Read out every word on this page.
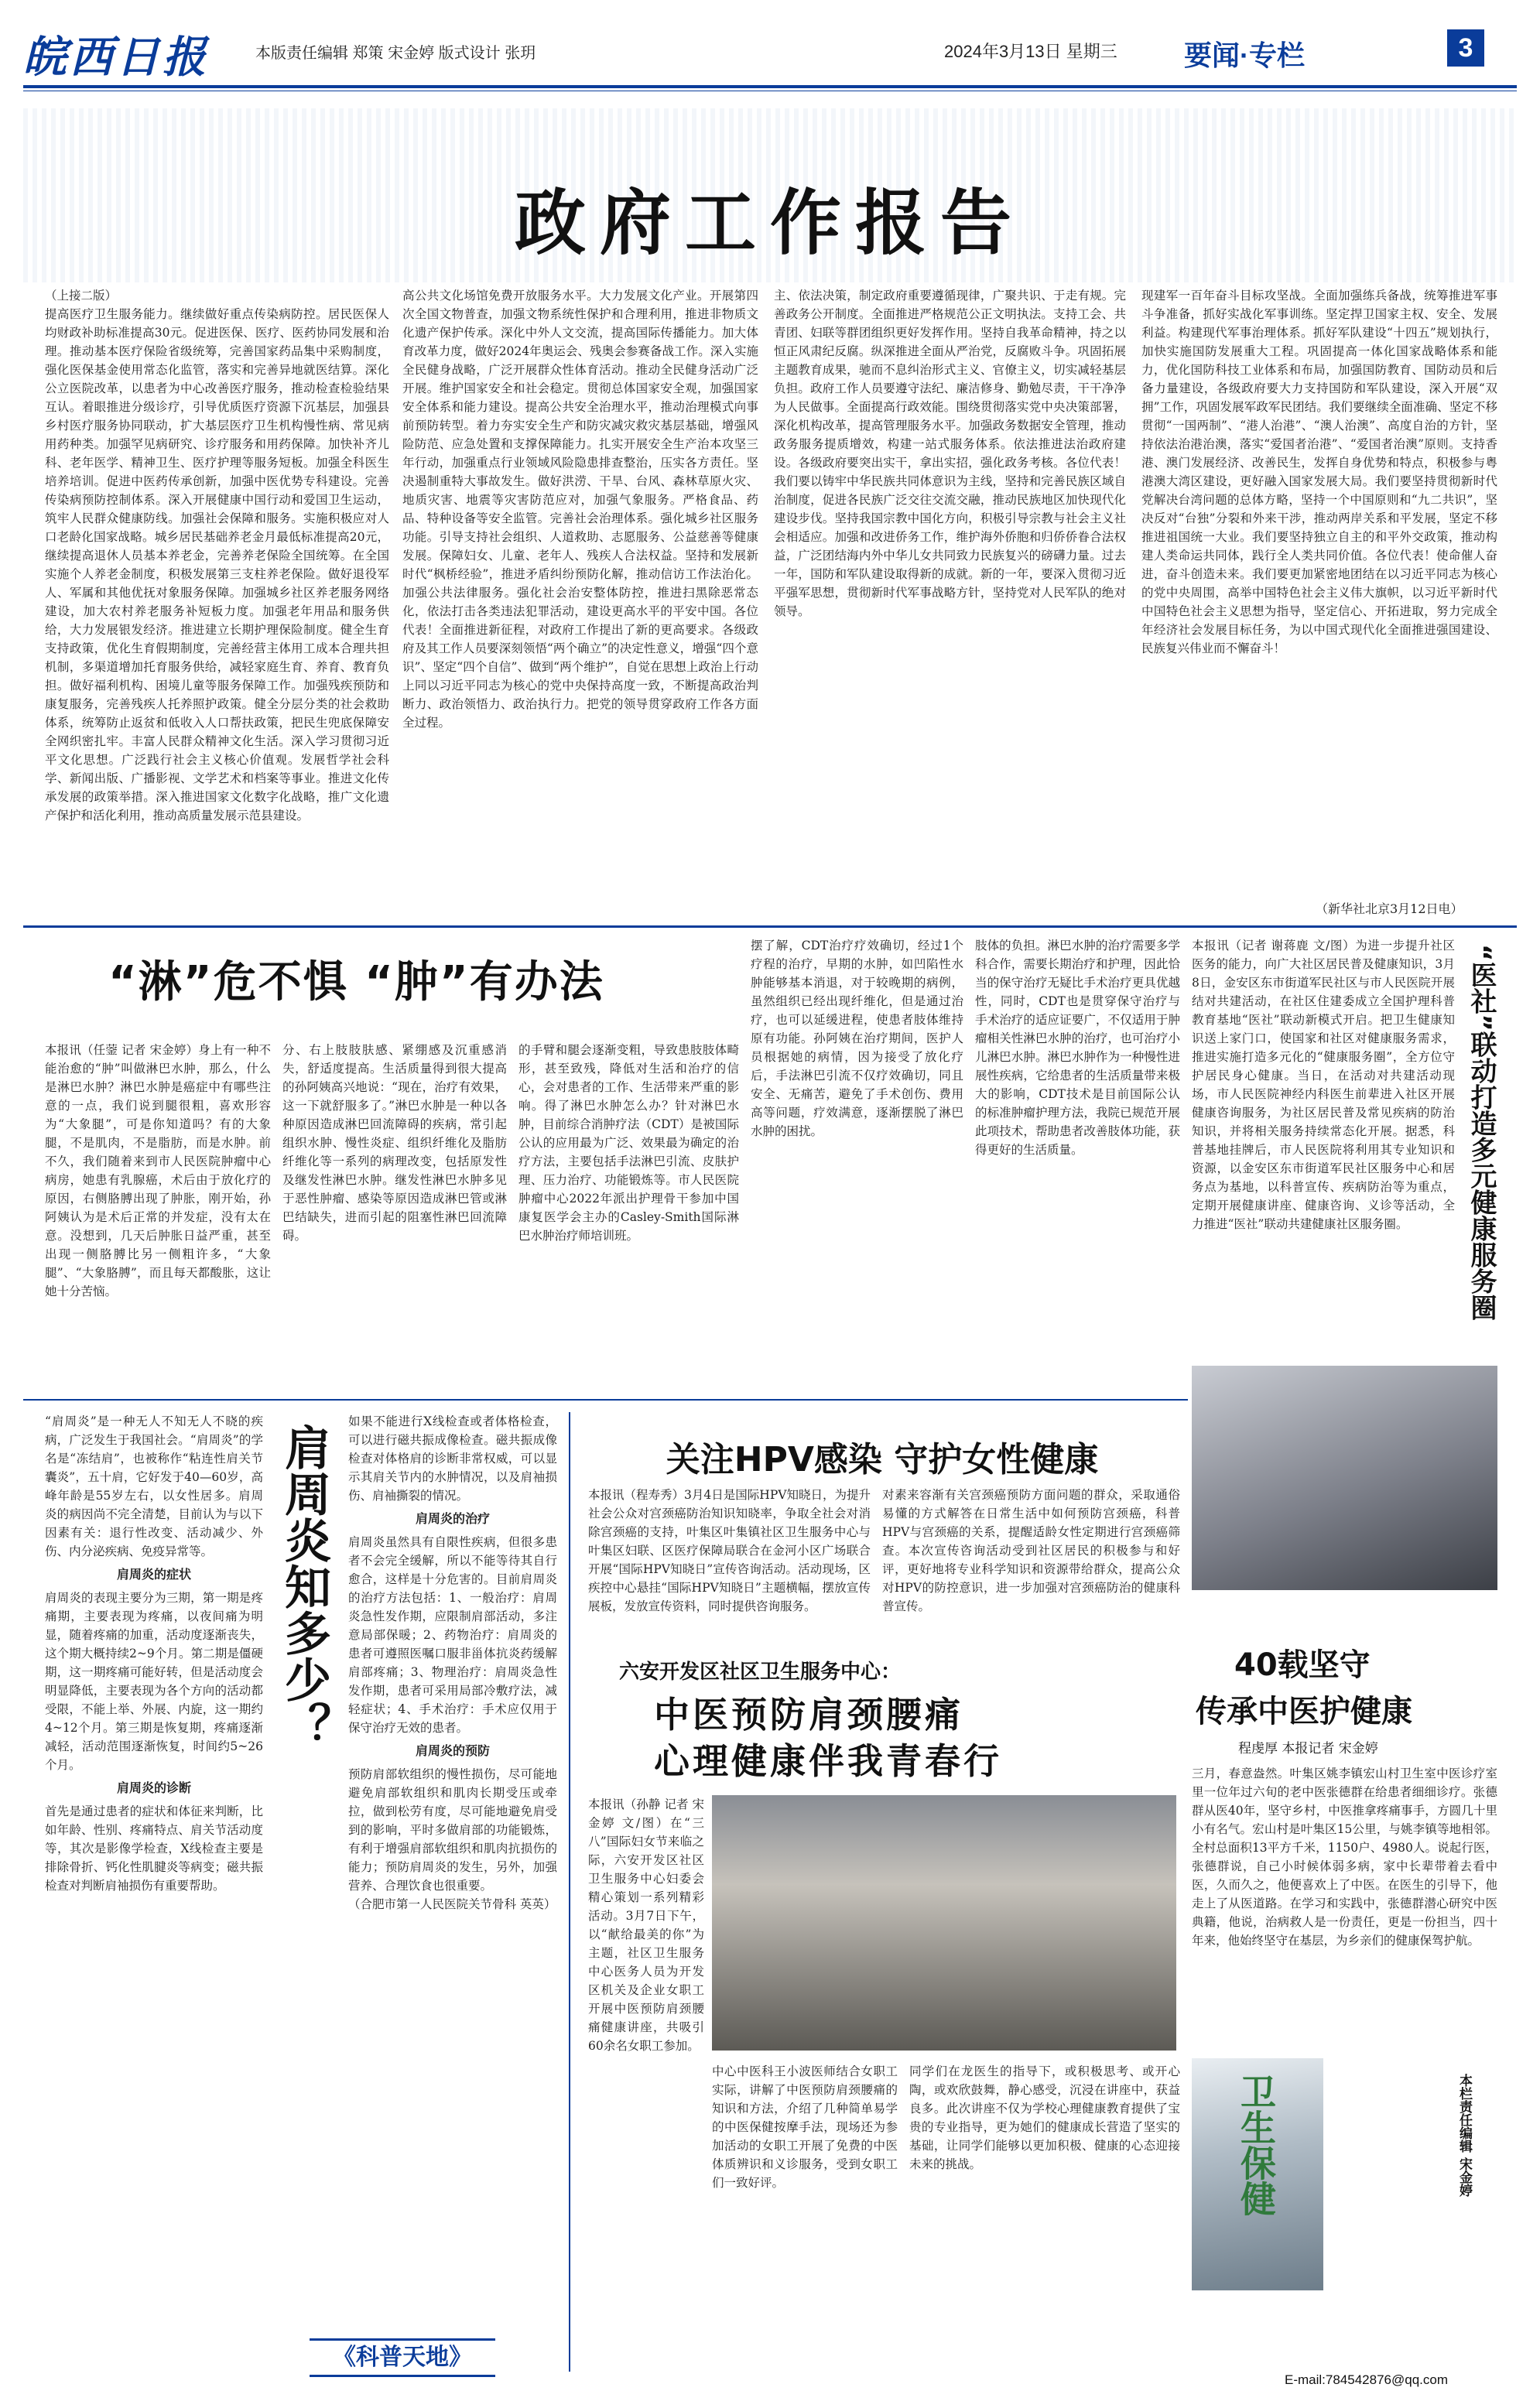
皖西日报	本版责任编辑 郑策 宋金婷 版式设计 张玥	2024年3月13日 星期三 要闻·专栏	3
政府工作报告
（上接二版）
提高医疗卫生服务能力。继续做好重点传染病防控。居民医保人均财政补助标准提高30元。促进医保、医疗、医药协同发展和治理。推动基本医疗保险省级统筹，完善国家药品集中采购制度，强化医保基金使用常态化监管，落实和完善异地就医结算。深化公立医院改革，以患者为中心改善医疗服务，推动检查检验结果互认。着眼推进分级诊疗，引导优质医疗资源下沉基层，加强县乡村医疗服务协同联动，扩大基层医疗卫生机构慢性病、常见病用药种类。加强罕见病研究、诊疗服务和用药保障。加快补齐儿科、老年医学、精神卫生、医疗护理等服务短板。加强全科医生培养培训。促进中医药传承创新，加强中医优势专科建设。完善传染病预防控制体系。深入开展健康中国行动和爱国卫生运动，筑牢人民群众健康防线。加强社会保障和服务。实施积极应对人口老龄化国家战略。城乡居民基础养老金月最低标准提高20元，继续提高退休人员基本养老金，完善养老保险全国统筹。在全国实施个人养老金制度，积极发展第三支柱养老保险。做好退役军人、军属和其他优抚对象服务保障。加强城乡社区养老服务网络建设，加大农村养老服务补短板力度。加强老年用品和服务供给，大力发展银发经济。推进建立长期护理保险制度。健全生育支持政策，优化生育假期制度，完善经营主体用工成本合理共担机制，多渠道增加托育服务供给，减轻家庭生育、养育、教育负担。做好福利机构、困境儿童等服务保障工作。加强残疾预防和康复服务，完善残疾人托养照护政策。健全分层分类的社会救助体系，统筹防止返贫和低收入人口帮扶政策，把民生兜底保障安全网织密扎牢。丰富人民群众精神文化生活。深入学习贯彻习近平文化思想。广泛践行社会主义核心价值观。发展哲学社会科学、新闻出版、广播影视、文学艺术和档案等事业。推进文化传承发展的政策举措。深入推进国家文化数字化战略，推广文化遗产保护和活化利用，推动高质量发展示范县建设。
高公共文化场馆免费开放服务水平。大力发展文化产业。开展第四次全国文物普查，加强文物系统性保护和合理利用，推进非物质文化遗产保护传承。深化中外人文交流，提高国际传播能力。加大体育改革力度，做好2024年奥运会、残奥会参赛备战工作。深入实施全民健身战略，广泛开展群众性体育活动。推动全民健身活动广泛开展。维护国家安全和社会稳定。贯彻总体国家安全观，加强国家安全体系和能力建设。提高公共安全治理水平，推动治理模式向事前预防转型。着力夯实安全生产和防灾减灾救灾基层基础，增强风险防范、应急处置和支撑保障能力。扎实开展安全生产治本攻坚三年行动，加强重点行业领域风险隐患排查整治，压实各方责任。坚决遏制重特大事故发生。做好洪涝、干旱、台风、森林草原火灾、地质灾害、地震等灾害防范应对，加强气象服务。严格食品、药品、特种设备等安全监管。完善社会治理体系。强化城乡社区服务功能。引导支持社会组织、人道救助、志愿服务、公益慈善等健康发展。保障妇女、儿童、老年人、残疾人合法权益。坚持和发展新时代“枫桥经验”，推进矛盾纠纷预防化解，推动信访工作法治化。加强公共法律服务。强化社会治安整体防控，推进扫黑除恶常态化，依法打击各类违法犯罪活动，建设更高水平的平安中国。各位代表！全面推进新征程，对政府工作提出了新的更高要求。各级政府及其工作人员要深刻领悟“两个确立”的决定性意义，增强“四个意识”、坚定“四个自信”、做到“两个维护”，自觉在思想上政治上行动上同以习近平同志为核心的党中央保持高度一致，不断提高政治判断力、政治领悟力、政治执行力。把党的领导贯穿政府工作各方面全过程。
主、依法决策，制定政府重要遵循现律，广聚共识、于走有规。完善政务公开制度。全面推进严格规范公正文明执法。支持工会、共青团、妇联等群团组织更好发挥作用。坚持自我革命精神，持之以恒正风肃纪反腐。纵深推进全面从严治党，反腐败斗争。巩固拓展主题教育成果，驰而不息纠治形式主义、官僚主义，切实减轻基层负担。政府工作人员要遵守法纪、廉洁修身、勤勉尽责，干干净净为人民做事。全面提高行政效能。围绕贯彻落实党中央决策部署，深化机构改革，提高管理服务水平。加强政务数据安全管理，推动政务服务提质增效，构建一站式服务体系。依法推进法治政府建设。各级政府要突出实干，拿出实招，强化政务考核。各位代表！我们要以铸牢中华民族共同体意识为主线，坚持和完善民族区域自治制度，促进各民族广泛交往交流交融，推动民族地区加快现代化建设步伐。坚持我国宗教中国化方向，积极引导宗教与社会主义社会相适应。加强和改进侨务工作，维护海外侨胞和归侨侨眷合法权益，广泛团结海内外中华儿女共同致力民族复兴的磅礴力量。过去一年，国防和军队建设取得新的成就。新的一年，要深入贯彻习近平强军思想，贯彻新时代军事战略方针，坚持党对人民军队的绝对领导。
现建军一百年奋斗目标攻坚战。全面加强练兵备战，统筹推进军事斗争准备，抓好实战化军事训练。坚定捍卫国家主权、安全、发展利益。构建现代军事治理体系。抓好军队建设“十四五”规划执行，加快实施国防发展重大工程。巩固提高一体化国家战略体系和能力，优化国防科技工业体系和布局，加强国防教育、国防动员和后备力量建设，各级政府要大力支持国防和军队建设，深入开展“双拥”工作，巩固发展军政军民团结。我们要继续全面准确、坚定不移贯彻“一国两制”、“港人治港”、“澳人治澳”、高度自治的方针，坚持依法治港治澳，落实“爱国者治港”、“爱国者治澳”原则。支持香港、澳门发展经济、改善民生，发挥自身优势和特点，积极参与粤港澳大湾区建设，更好融入国家发展大局。我们要坚持贯彻新时代党解决台湾问题的总体方略，坚持一个中国原则和“九二共识”，坚决反对“台独”分裂和外来干涉，推动两岸关系和平发展，坚定不移推进祖国统一大业。我们要坚持独立自主的和平外交政策，推动构建人类命运共同体，践行全人类共同价值。各位代表！使命催人奋进，奋斗创造未来。我们要更加紧密地团结在以习近平同志为核心的党中央周围，高举中国特色社会主义伟大旗帜，以习近平新时代中国特色社会主义思想为指导，坚定信心、开拓进取，努力完成全年经济社会发展目标任务，为以中国式现代化全面推进强国建设、民族复兴伟业而不懈奋斗！
（新华社北京3月12日电）
“淋”危不惧 “肿”有办法
本报讯（任蓥 记者 宋金婷）身上有一种不能治愈的“肿”叫做淋巴水肿，那么，什么是淋巴水肿？淋巴水肿是癌症中有哪些注意的一点，我们说到腿很粗，喜欢形容为“大象腿”，可是你知道吗？有的大象腿，不是肌肉，不是脂肪，而是水肿。前不久，我们随着来到市人民医院肿瘤中心病房，她患有乳腺癌，术后由于放化疗的原因，右侧胳膊出现了肿胀，刚开始，孙阿姨认为是术后正常的并发症，没有太在意。没想到，几天后肿胀日益严重，甚至出现一侧胳膊比另一侧粗许多，“大象腿”、“大象胳膊”，而且每天都酸胀，这让她十分苦恼。
分、右上肢肢肤感、紧绷感及沉重感消失，舒适度提高。生活质量得到很大提高的孙阿姨高兴地说：“现在，治疗有效果，这一下就舒服多了。”淋巴水肿是一种以各种原因造成淋巴回流障碍的疾病，常引起组织水肿、慢性炎症、组织纤维化及脂肪纤维化等一系列的病理改变，包括原发性及继发性淋巴水肿。继发性淋巴水肿多见于恶性肿瘤、感染等原因造成淋巴管或淋巴结缺失，进而引起的阻塞性淋巴回流障碍。
的手臂和腿会逐渐变粗，导致患肢肢体畸形，甚至致残，降低对生活和治疗的信心，会对患者的工作、生活带来严重的影响。得了淋巴水肿怎么办？针对淋巴水肿，目前综合消肿疗法（CDT）是被国际公认的应用最为广泛、效果最为确定的治疗方法，主要包括手法淋巴引流、皮肤护理、压力治疗、功能锻炼等。市人民医院肿瘤中心2022年派出护理骨干参加中国康复医学会主办的Casley-Smith国际淋巴水肿治疗师培训班。
摆了解，CDT治疗疗效确切，经过1个疗程的治疗，早期的水肿，如凹陷性水肿能够基本消退，对于较晚期的病例，虽然组织已经出现纤维化，但是通过治疗，也可以延缓进程，使患者肢体维持原有功能。孙阿姨在治疗期间，医护人员根据她的病情，因为接受了放化疗后，手法淋巴引流不仅疗效确切，同且安全、无痛苦，避免了手术创伤、费用高等问题，疗效满意，逐渐摆脱了淋巴水肿的困扰。
肢体的负担。淋巴水肿的治疗需要多学科合作，需要长期治疗和护理，因此恰当的保守治疗无疑比手术治疗更具优越性，同时，CDT也是贯穿保守治疗与手术治疗的适应证要广，不仅适用于肿瘤相关性淋巴水肿的治疗，也可治疗小儿淋巴水肿。淋巴水肿作为一种慢性进展性疾病，它给患者的生活质量带来极大的影响，CDT技术是目前国际公认的标准肿瘤护理方法，我院已规范开展此项技术，帮助患者改善肢体功能，获得更好的生活质量。
本报讯（记者 谢蒋鹿 文/图）为进一步提升社区医务的能力，向广大社区居民普及健康知识，3月8日，金安区东市街道军民社区与市人民医院开展结对共建活动，在社区住建委成立全国护理科普教育基地“医社”联动新模式开启。把卫生健康知识送上家门口，使国家和社区对健康服务需求，推进实施打造多元化的“健康服务圈”，全方位守护居民身心健康。当日，在活动对共建活动现场，市人民医院神经内科医生前辈进入社区开展健康咨询服务，为社区居民普及常见疾病的防治知识，并将相关服务持续常态化开展。据悉，科普基地挂牌后，市人民医院将利用其专业知识和资源，以金安区东市街道军民社区服务中心和居务点为基地，以科普宣传、疾病防治等为重点，定期开展健康讲座、健康咨询、义诊等活动，全力推进“医社”联动共建健康社区服务圈。	“医社”联动打造多元健康服务圈
“肩周炎”是一种无人不知无人不晓的疾病，广泛发生于我国社会。“肩周炎”的学名是“冻结肩”，也被称作“粘连性肩关节囊炎”，五十肩，它好发于40—60岁，高峰年龄是55岁左右，以女性居多。肩周炎的病因尚不完全清楚，目前认为与以下因素有关：退行性改变、活动减少、外伤、内分泌疾病、免疫异常等。
肩周炎的症状
肩周炎的表现主要分为三期，第一期是疼痛期，主要表现为疼痛，以夜间痛为明显，随着疼痛的加重，活动度逐渐丧失，这个期大概持续2~9个月。第二期是僵硬期，这一期疼痛可能好转，但是活动度会明显降低，主要表现为各个方向的活动都受限，不能上举、外展、内旋，这一期约4~12个月。第三期是恢复期，疼痛逐渐减轻，活动范围逐渐恢复，时间约5~26个月。
肩周炎的诊断
首先是通过患者的症状和体征来判断，比如年龄、性别、疼痛特点、肩关节活动度等，其次是影像学检查，X线检查主要是排除骨折、钙化性肌腱炎等病变；磁共振检查对判断肩袖损伤有重要帮助。
肩周炎知多少？
如果不能进行X线检查或者体格检查，可以进行磁共振成像检查。磁共振成像检查对体格肩的诊断非常权威，可以显示其肩关节内的水肿情况，以及肩袖损伤、肩袖撕裂的情况。
肩周炎的治疗
肩周炎虽然具有自限性疾病，但很多患者不会完全缓解，所以不能等待其自行愈合，这样是十分危害的。目前肩周炎的治疗方法包括：1、一般治疗：肩周炎急性发作期，应限制肩部活动，多注意局部保暖；2、药物治疗：肩周炎的患者可遵照医嘱口服非甾体抗炎药缓解肩部疼痛；3、物理治疗：肩周炎急性发作期，患者可采用局部冷敷疗法，减轻症状；4、手术治疗：手术应仅用于保守治疗无效的患者。
肩周炎的预防
预防肩部软组织的慢性损伤，尽可能地避免肩部软组织和肌肉长期受压或牵拉，做到松劳有度，尽可能地避免肩受到的影响，平时多做肩部的功能锻炼，有利于增强肩部软组织和肌肉抗损伤的能力；预防肩周炎的发生，另外，加强营养、合理饮食也很重要。
（合肥市第一人民医院关节骨科 英英）
《科普天地》
关注HPV感染 守护女性健康
本报讯（程寿秀）3月4日是国际HPV知晓日，为提升社会公众对宫颈癌防治知识知晓率，争取全社会对消除宫颈癌的支持，叶集区叶集镇社区卫生服务中心与叶集区妇联、区医疗保障局联合在金河小区广场联合开展“国际HPV知晓日”宣传咨询活动。活动现场，区疾控中心悬挂“国际HPV知晓日”主题横幅，摆放宣传展板，发放宣传资料，同时提供咨询服务。
对素来容渐有关宫颈癌预防方面问题的群众，采取通俗易懂的方式解答在日常生活中如何预防宫颈癌，科普HPV与宫颈癌的关系，提醒适龄女性定期进行宫颈癌筛查。本次宣传咨询活动受到社区居民的积极参与和好评，更好地将专业科学知识和资源带给群众，提高公众对HPV的防控意识，进一步加强对宫颈癌防治的健康科普宣传。
六安开发区社区卫生服务中心：
中医预防肩颈腰痛
心理健康伴我青春行
本报讯（孙静 记者 宋金婷 文/图）在“三八”国际妇女节来临之际，六安开发区社区卫生服务中心妇委会精心策划一系列精彩活动。3月7日下午，以“献给最美的你”为主题，社区卫生服务中心医务人员为开发区机关及企业女职工开展中医预防肩颈腰痛健康讲座，共吸引60余名女职工参加。
中心中医科王小波医师结合女职工实际，讲解了中医预防肩颈腰痛的知识和方法，介绍了几种简单易学的中医保健按摩手法，现场还为参加活动的女职工开展了免费的中医体质辨识和义诊服务，受到女职工们一致好评。
同学们在龙医生的指导下，或积极思考、或开心陶，或欢欣鼓舞，静心感受，沉浸在讲座中，获益良多。此次讲座不仅为学校心理健康教育提供了宝贵的专业指导，更为她们的健康成长营造了坚实的基础，让同学们能够以更加积极、健康的心态迎接未来的挑战。
40载坚守
传承中医护健康
程虔厚 本报记者 宋金婷
三月，春意盎然。叶集区姚李镇宏山村卫生室中医诊疗室里一位年过六旬的老中医张德群在给患者细细诊疗。张德群从医40年，坚守乡村，中医推拿疼痛事手，方圆几十里小有名气。宏山村是叶集区15公里，与姚李镇等地相邻。全村总面积13平方千米，1150户、4980人。说起行医，张德群说，自己小时候体弱多病，家中长辈带着去看中医，久而久之，他便喜欢上了中医。在医生的引导下，他走上了从医道路。在学习和实践中，张德群潜心研究中医典籍，他说，治病救人是一份责任，更是一份担当，四十年来，他始终坚守在基层，为乡亲们的健康保驾护航。
卫生保健	本栏责任编辑 宋金婷
E-mail:784542876@qq.com
